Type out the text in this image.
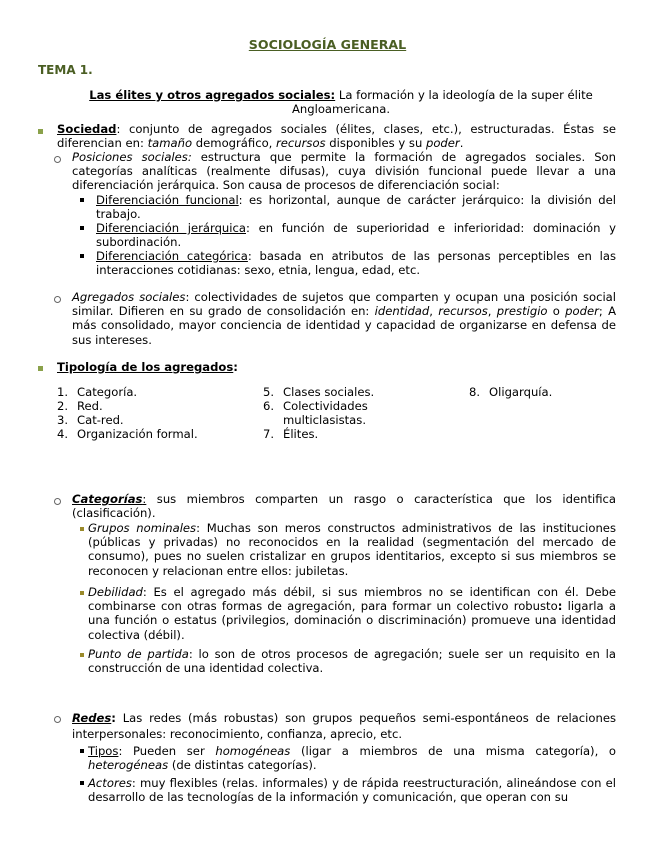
SOCIOLOGÍA GENERAL
TEMA 1.
Las élites y otros agregados sociales: La formación y la ideología de la super élite Angloamericana.
Sociedad: conjunto de agregados sociales (élites, clases, etc.), estructuradas. Éstas se diferencian en: tamaño demográfico, recursos disponibles y su poder.
Posiciones sociales: estructura que permite la formación de agregados sociales. Son categorías analíticas (realmente difusas), cuya división funcional puede llevar a una diferenciación jerárquica. Son causa de procesos de diferenciación social:
Diferenciación funcional: es horizontal, aunque de carácter jerárquico: la división del trabajo.
Diferenciación jerárquica: en función de superioridad e inferioridad: dominación y subordinación.
Diferenciación categórica: basada en atributos de las personas perceptibles en las interacciones cotidianas: sexo, etnia, lengua, edad, etc.
Agregados sociales: colectividades de sujetos que comparten y ocupan una posición social similar. Difieren en su grado de consolidación en: identidad, recursos, prestigio o poder; A más consolidado, mayor conciencia de identidad y capacidad de organizarse en defensa de sus intereses.
Tipología de los agregados:
1. Categoría.
2. Red.
3. Cat-red.
4. Organización formal.
5. Clases sociales.
6. Colectividades multiclasistas.
7. Élites.
8. Oligarquía.
Categorías: sus miembros comparten un rasgo o característica que los identifica (clasificación).
Grupos nominales: Muchas son meros constructos administrativos de las instituciones (públicas y privadas) no reconocidos en la realidad (segmentación del mercado de consumo), pues no suelen cristalizar en grupos identitarios, excepto si sus miembros se reconocen y relacionan entre ellos: jubiletas.
Debilidad: Es el agregado más débil, si sus miembros no se identifican con él. Debe combinarse con otras formas de agregación, para formar un colectivo robusto: ligarla a una función o estatus (privilegios, dominación o discriminación) promueve una identidad colectiva (débil).
Punto de partida: lo son de otros procesos de agregación; suele ser un requisito en la construcción de una identidad colectiva.
Redes: Las redes (más robustas) son grupos pequeños semi-espontáneos de relaciones interpersonales: reconocimiento, confianza, aprecio, etc.
Tipos: Pueden ser homogéneas (ligar a miembros de una misma categoría), o heterogéneas (de distintas categorías).
Actores: muy flexibles (relas. informales) y de rápida reestructuración, alineándose con el desarrollo de las tecnologías de la información y comunicación, que operan con su
